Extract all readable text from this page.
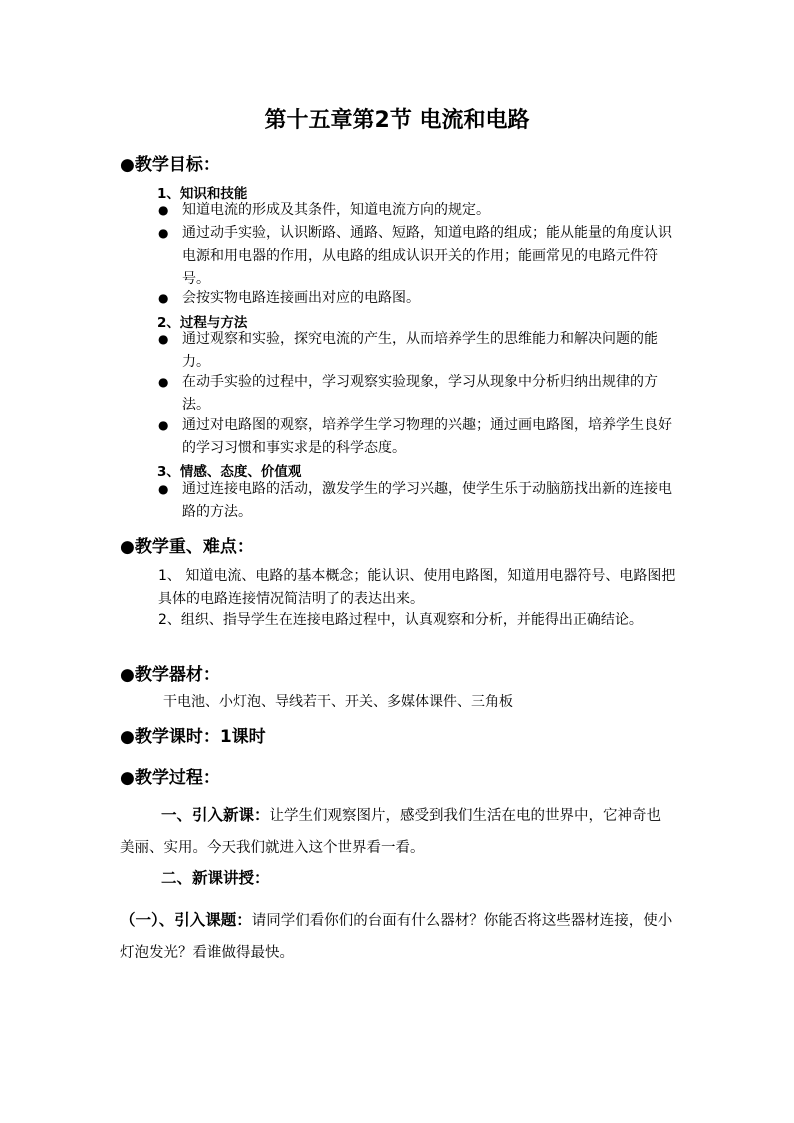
第十五章第2节 电流和电路
●教学目标：
1、知识和技能
● 知道电流的形成及其条件，知道电流方向的规定。
● 通过动手实验，认识断路、通路、短路，知道电路的组成；能从能量的角度认识电源和用电器的作用，从电路的组成认识开关的作用；能画常见的电路元件符号。
● 会按实物电路连接画出对应的电路图。
2、过程与方法
● 通过观察和实验，探究电流的产生，从而培养学生的思维能力和解决问题的能力。
● 在动手实验的过程中，学习观察实验现象，学习从现象中分析归纳出规律的方法。
● 通过对电路图的观察，培养学生学习物理的兴趣；通过画电路图，培养学生良好的学习习惯和事实求是的科学态度。
3、情感、态度、价值观
● 通过连接电路的活动，激发学生的学习兴趣，使学生乐于动脑筋找出新的连接电路的方法。
●教学重、难点：
1、 知道电流、电路的基本概念；能认识、使用电路图，知道用电器符号、电路图把具体的电路连接情况简洁明了的表达出来。
2、组织、指导学生在连接电路过程中，认真观察和分析，并能得出正确结论。
●教学器材：
干电池、小灯泡、导线若干、开关、多媒体课件、三角板
●教学课时：1课时
●教学过程：
一、引入新课：让学生们观察图片，感受到我们生活在电的世界中，它神奇也美丽、实用。今天我们就进入这个世界看一看。
二、新课讲授：
（一）、引入课题：请同学们看你们的台面有什么器材？你能否将这些器材连接，使小灯泡发光？看谁做得最快。
